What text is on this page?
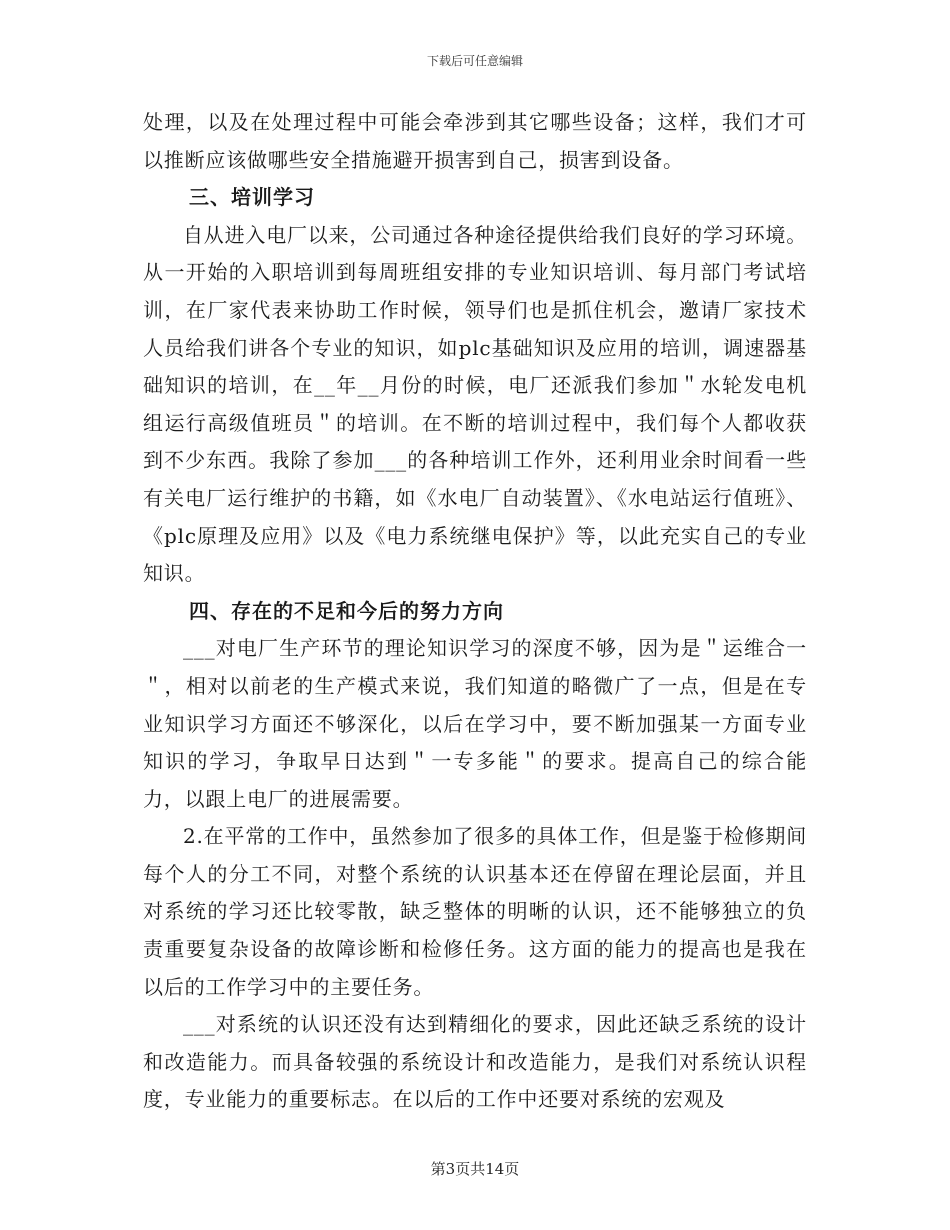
下载后可任意编辑

处理，以及在处理过程中可能会牵涉到其它哪些设备；这样，我们才可以推断应该做哪些安全措施避开损害到自己，损害到设备。

三、培训学习

自从进入电厂以来，公司通过各种途径提供给我们良好的学习环境。从一开始的入职培训到每周班组安排的专业知识培训、每月部门考试培训，在厂家代表来协助工作时候，领导们也是抓住机会，邀请厂家技术人员给我们讲各个专业的知识，如plc基础知识及应用的培训，调速器基础知识的培训，在__年__月份的时候，电厂还派我们参加＂水轮发电机组运行高级值班员＂的培训。在不断的培训过程中，我们每个人都收获到不少东西。我除了参加___的各种培训工作外，还利用业余时间看一些有关电厂运行维护的书籍，如《水电厂自动装置》、《水电站运行值班》、《plc原理及应用》以及《电力系统继电保护》等，以此充实自己的专业知识。

四、存在的不足和今后的努力方向

___对电厂生产环节的理论知识学习的深度不够，因为是＂运维合一＂，相对以前老的生产模式来说，我们知道的略微广了一点，但是在专业知识学习方面还不够深化，以后在学习中，要不断加强某一方面专业知识的学习，争取早日达到＂一专多能＂的要求。提高自己的综合能力，以跟上电厂的进展需要。

2.在平常的工作中，虽然参加了很多的具体工作，但是鉴于检修期间每个人的分工不同，对整个系统的认识基本还在停留在理论层面，并且对系统的学习还比较零散，缺乏整体的明晰的认识，还不能够独立的负责重要复杂设备的故障诊断和检修任务。这方面的能力的提高也是我在以后的工作学习中的主要任务。

___对系统的认识还没有达到精细化的要求，因此还缺乏系统的设计和改造能力。而具备较强的系统设计和改造能力，是我们对系统认识程度，专业能力的重要标志。在以后的工作中还要对系统的宏观及

第3页共14页
